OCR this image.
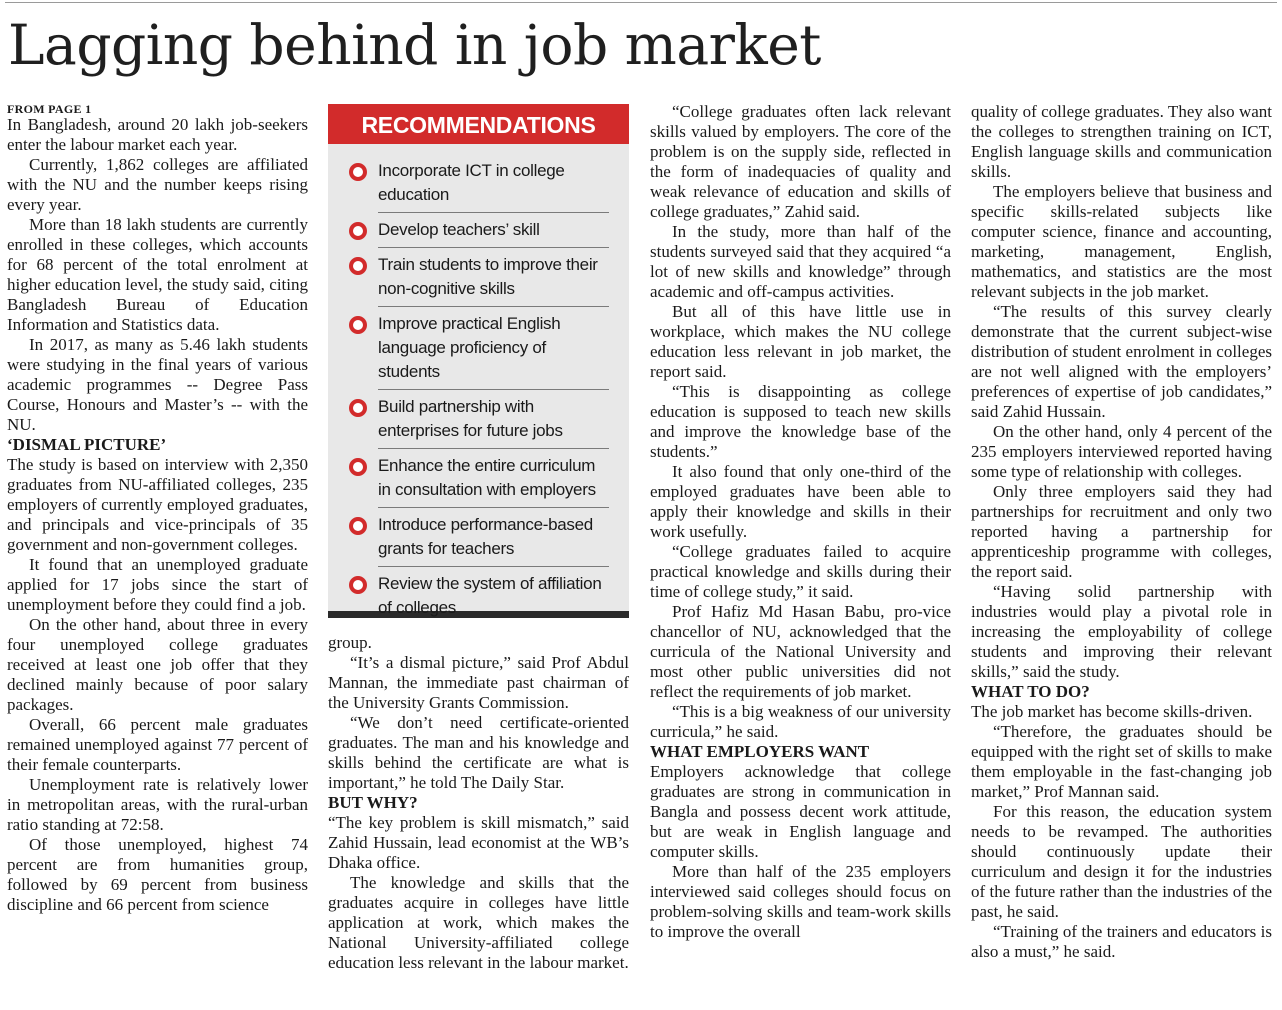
Lagging behind in job market
FROM PAGE 1

In Bangladesh, around 20 lakh job-seekers enter the labour market each year.

Currently, 1,862 colleges are affiliated with the NU and the number keeps rising every year.

More than 18 lakh students are currently enrolled in these colleges, which accounts for 68 percent of the total enrolment at higher education level, the study said, citing Bangladesh Bureau of Education Information and Statistics data.

In 2017, as many as 5.46 lakh students were studying in the final years of various academic programmes -- Degree Pass Course, Honours and Master’s -- with the NU.

‘DISMAL PICTURE’

The study is based on interview with 2,350 graduates from NU-affiliated colleges, 235 employers of currently employed graduates, and principals and vice-principals of 35 government and non-government colleges.

It found that an unemployed graduate applied for 17 jobs since the start of unemployment before they could find a job.

On the other hand, about three in every four unemployed college graduates received at least one job offer that they declined mainly because of poor salary packages.

Overall, 66 percent male graduates remained unemployed against 77 percent of their female counterparts.

Unemployment rate is relatively lower in metropolitan areas, with the rural-urban ratio standing at 72:58.

Of those unemployed, highest 74 percent are from humanities group, followed by 69 percent from business discipline and 66 percent from science

RECOMMENDATIONS
Incorporate ICT in college education
Develop teachers’ skill
Train students to improve their non-cognitive skills
Improve practical English language proficiency of students
Build partnership with enterprises for future jobs
Enhance the entire curriculum in consultation with employers
Introduce performance-based grants for teachers
Review the system of affiliation of colleges

group.

“It’s a dismal picture,” said Prof Abdul Mannan, the immediate past chairman of the University Grants Commission.

“We don’t need certificate-oriented graduates. The man and his knowledge and skills behind the certificate are what is important,” he told The Daily Star.

BUT WHY?

“The key problem is skill mismatch,” said Zahid Hussain, lead economist at the WB’s Dhaka office.

The knowledge and skills that the graduates acquire in colleges have little application at work, which makes the National University-affiliated college education less relevant in the labour market.

“College graduates often lack relevant skills valued by employers. The core of the problem is on the supply side, reflected in the form of inadequacies of quality and weak relevance of education and skills of college graduates,” Zahid said.

In the study, more than half of the students surveyed said that they acquired “a lot of new skills and knowledge” through academic and off-campus activities.

But all of this have little use in workplace, which makes the NU college education less relevant in job market, the report said.

“This is disappointing as college education is supposed to teach new skills and improve the knowledge base of the students.”

It also found that only one-third of the employed graduates have been able to apply their knowledge and skills in their work usefully.

“College graduates failed to acquire practical knowledge and skills during their time of college study,” it said.

Prof Hafiz Md Hasan Babu, pro-vice chancellor of NU, acknowledged that the curricula of the National University and most other public universities did not reflect the requirements of job market.

“This is a big weakness of our university curricula,” he said.

WHAT EMPLOYERS WANT

Employers acknowledge that college graduates are strong in communication in Bangla and possess decent work attitude, but are weak in English language and computer skills.

More than half of the 235 employers interviewed said colleges should focus on problem-solving skills and team-work skills to improve the overall

quality of college graduates. They also want the colleges to strengthen training on ICT, English language skills and communication skills.

The employers believe that business and specific skills-related subjects like computer science, finance and accounting, marketing, management, English, mathematics, and statistics are the most relevant subjects in the job market.

“The results of this survey clearly demonstrate that the current subject-wise distribution of student enrolment in colleges are not well aligned with the employers’ preferences of expertise of job candidates,” said Zahid Hussain.

On the other hand, only 4 percent of the 235 employers interviewed reported having some type of relationship with colleges.

Only three employers said they had partnerships for recruitment and only two reported having a partnership for apprenticeship programme with colleges, the report said.

“Having solid partnership with industries would play a pivotal role in increasing the employability of college students and improving their relevant skills,” said the study.

WHAT TO DO?

The job market has become skills-driven.

“Therefore, the graduates should be equipped with the right set of skills to make them employable in the fast-changing job market,” Prof Mannan said.

For this reason, the education system needs to be revamped. The authorities should continuously update their curriculum and design it for the industries of the future rather than the industries of the past, he said.

“Training of the trainers and educators is also a must,” he said.
